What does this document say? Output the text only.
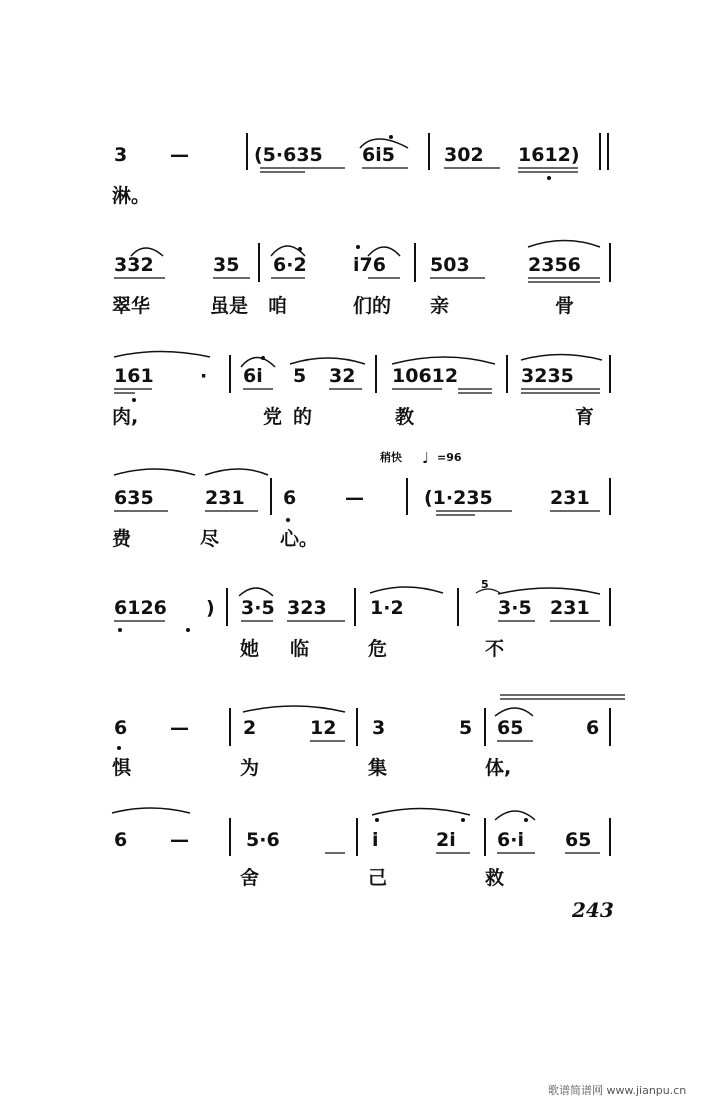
3 —	(5·635 6i5	302 1612)
淋。
332	35 6·2 i76 503	2356
翠华	虽是 咱	们的 亲	骨
161 · 6i 5 32 10612	3235
肉,	党 的	教	育
稍快 ♩ =96
635	231 6	—	(1·235	231
费	尽	心。
6126 ) 3·5 323 1·2
5
3·5 231
她 临	危	不
6 —	2	12 3	5 65	6
惧	为	集	体,
6 —	5·6	i	2i 6·i 65
舍	己	救
243
歌谱简谱网 www.jianpu.cn
